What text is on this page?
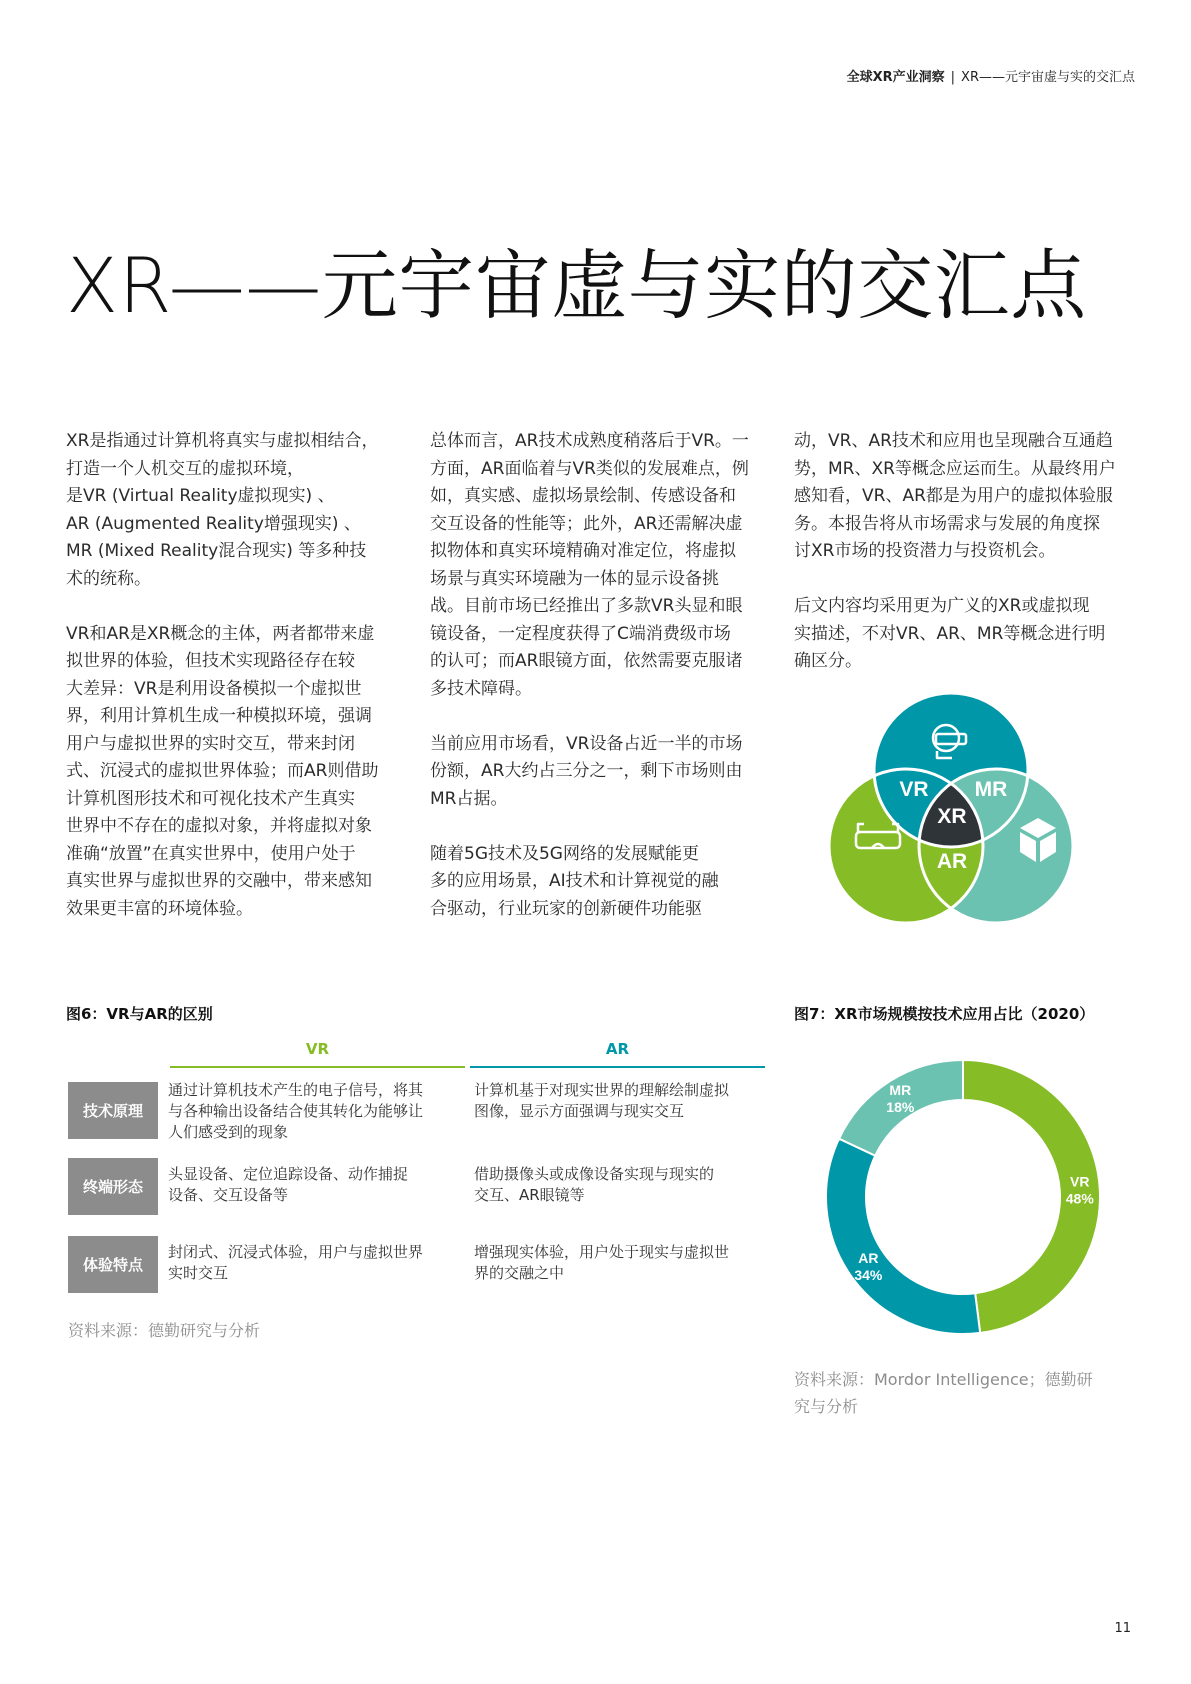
全球XR产业洞察 | XR——元宇宙虚与实的交汇点
XR——元宇宙虚与实的交汇点

XR是指通过计算机将真实与虚拟相结合，
打造一个人机交互的虚拟环境，
是VR (Virtual Reality虚拟现实) 、
AR (Augmented Reality增强现实) 、
MR (Mixed Reality混合现实) 等多种技
术的统称。

VR和AR是XR概念的主体，两者都带来虚
拟世界的体验，但技术实现路径存在较
大差异：VR是利用设备模拟一个虚拟世
界，利用计算机生成一种模拟环境，强调
用户与虚拟世界的实时交互，带来封闭
式、沉浸式的虚拟世界体验；而AR则借助
计算机图形技术和可视化技术产生真实
世界中不存在的虚拟对象，并将虚拟对象
准确“放置”在真实世界中，使用户处于
真实世界与虚拟世界的交融中，带来感知
效果更丰富的环境体验。

总体而言，AR技术成熟度稍落后于VR。一
方面，AR面临着与VR类似的发展难点，例
如，真实感、虚拟场景绘制、传感设备和
交互设备的性能等；此外，AR还需解决虚
拟物体和真实环境精确对准定位，将虚拟
场景与真实环境融为一体的显示设备挑
战。目前市场已经推出了多款VR头显和眼
镜设备，一定程度获得了C端消费级市场
的认可；而AR眼镜方面，依然需要克服诸
多技术障碍。

当前应用市场看，VR设备占近一半的市场
份额，AR大约占三分之一，剩下市场则由
MR占据。

随着5G技术及5G网络的发展赋能更
多的应用场景，AI技术和计算视觉的融
合驱动，行业玩家的创新硬件功能驱

动，VR、AR技术和应用也呈现融合互通趋
势，MR、XR等概念应运而生。从最终用户
感知看，VR、AR都是为用户的虚拟体验服
务。本报告将从市场需求与发展的角度探
讨XR市场的投资潜力与投资机会。

后文内容均采用更为广义的XR或虚拟现
实描述，不对VR、AR、MR等概念进行明
确区分。

VR MR
XR
AR
图6：VR与AR的区别
VR	AR
技术原理
通过计算机技术产生的电子信号，将其
与各种输出设备结合使其转化为能够让
人们感受到的现象
计算机基于对现实世界的理解绘制虚拟
图像，显示方面强调与现实交互
终端形态
头显设备、定位追踪设备、动作捕捉
设备、交互设备等
借助摄像头或成像设备实现与现实的
交互、AR眼镜等
体验特点
封闭式、沉浸式体验，用户与虚拟世界
实时交互
增强现实体验，用户处于现实与虚拟世
界的交融之中
资料来源：德勤研究与分析
图7：XR市场规模按技术应用占比（2020）
VR
48%
AR
34%
MR
18%
资料来源：Mordor Intelligence；德勤研
究与分析
11
